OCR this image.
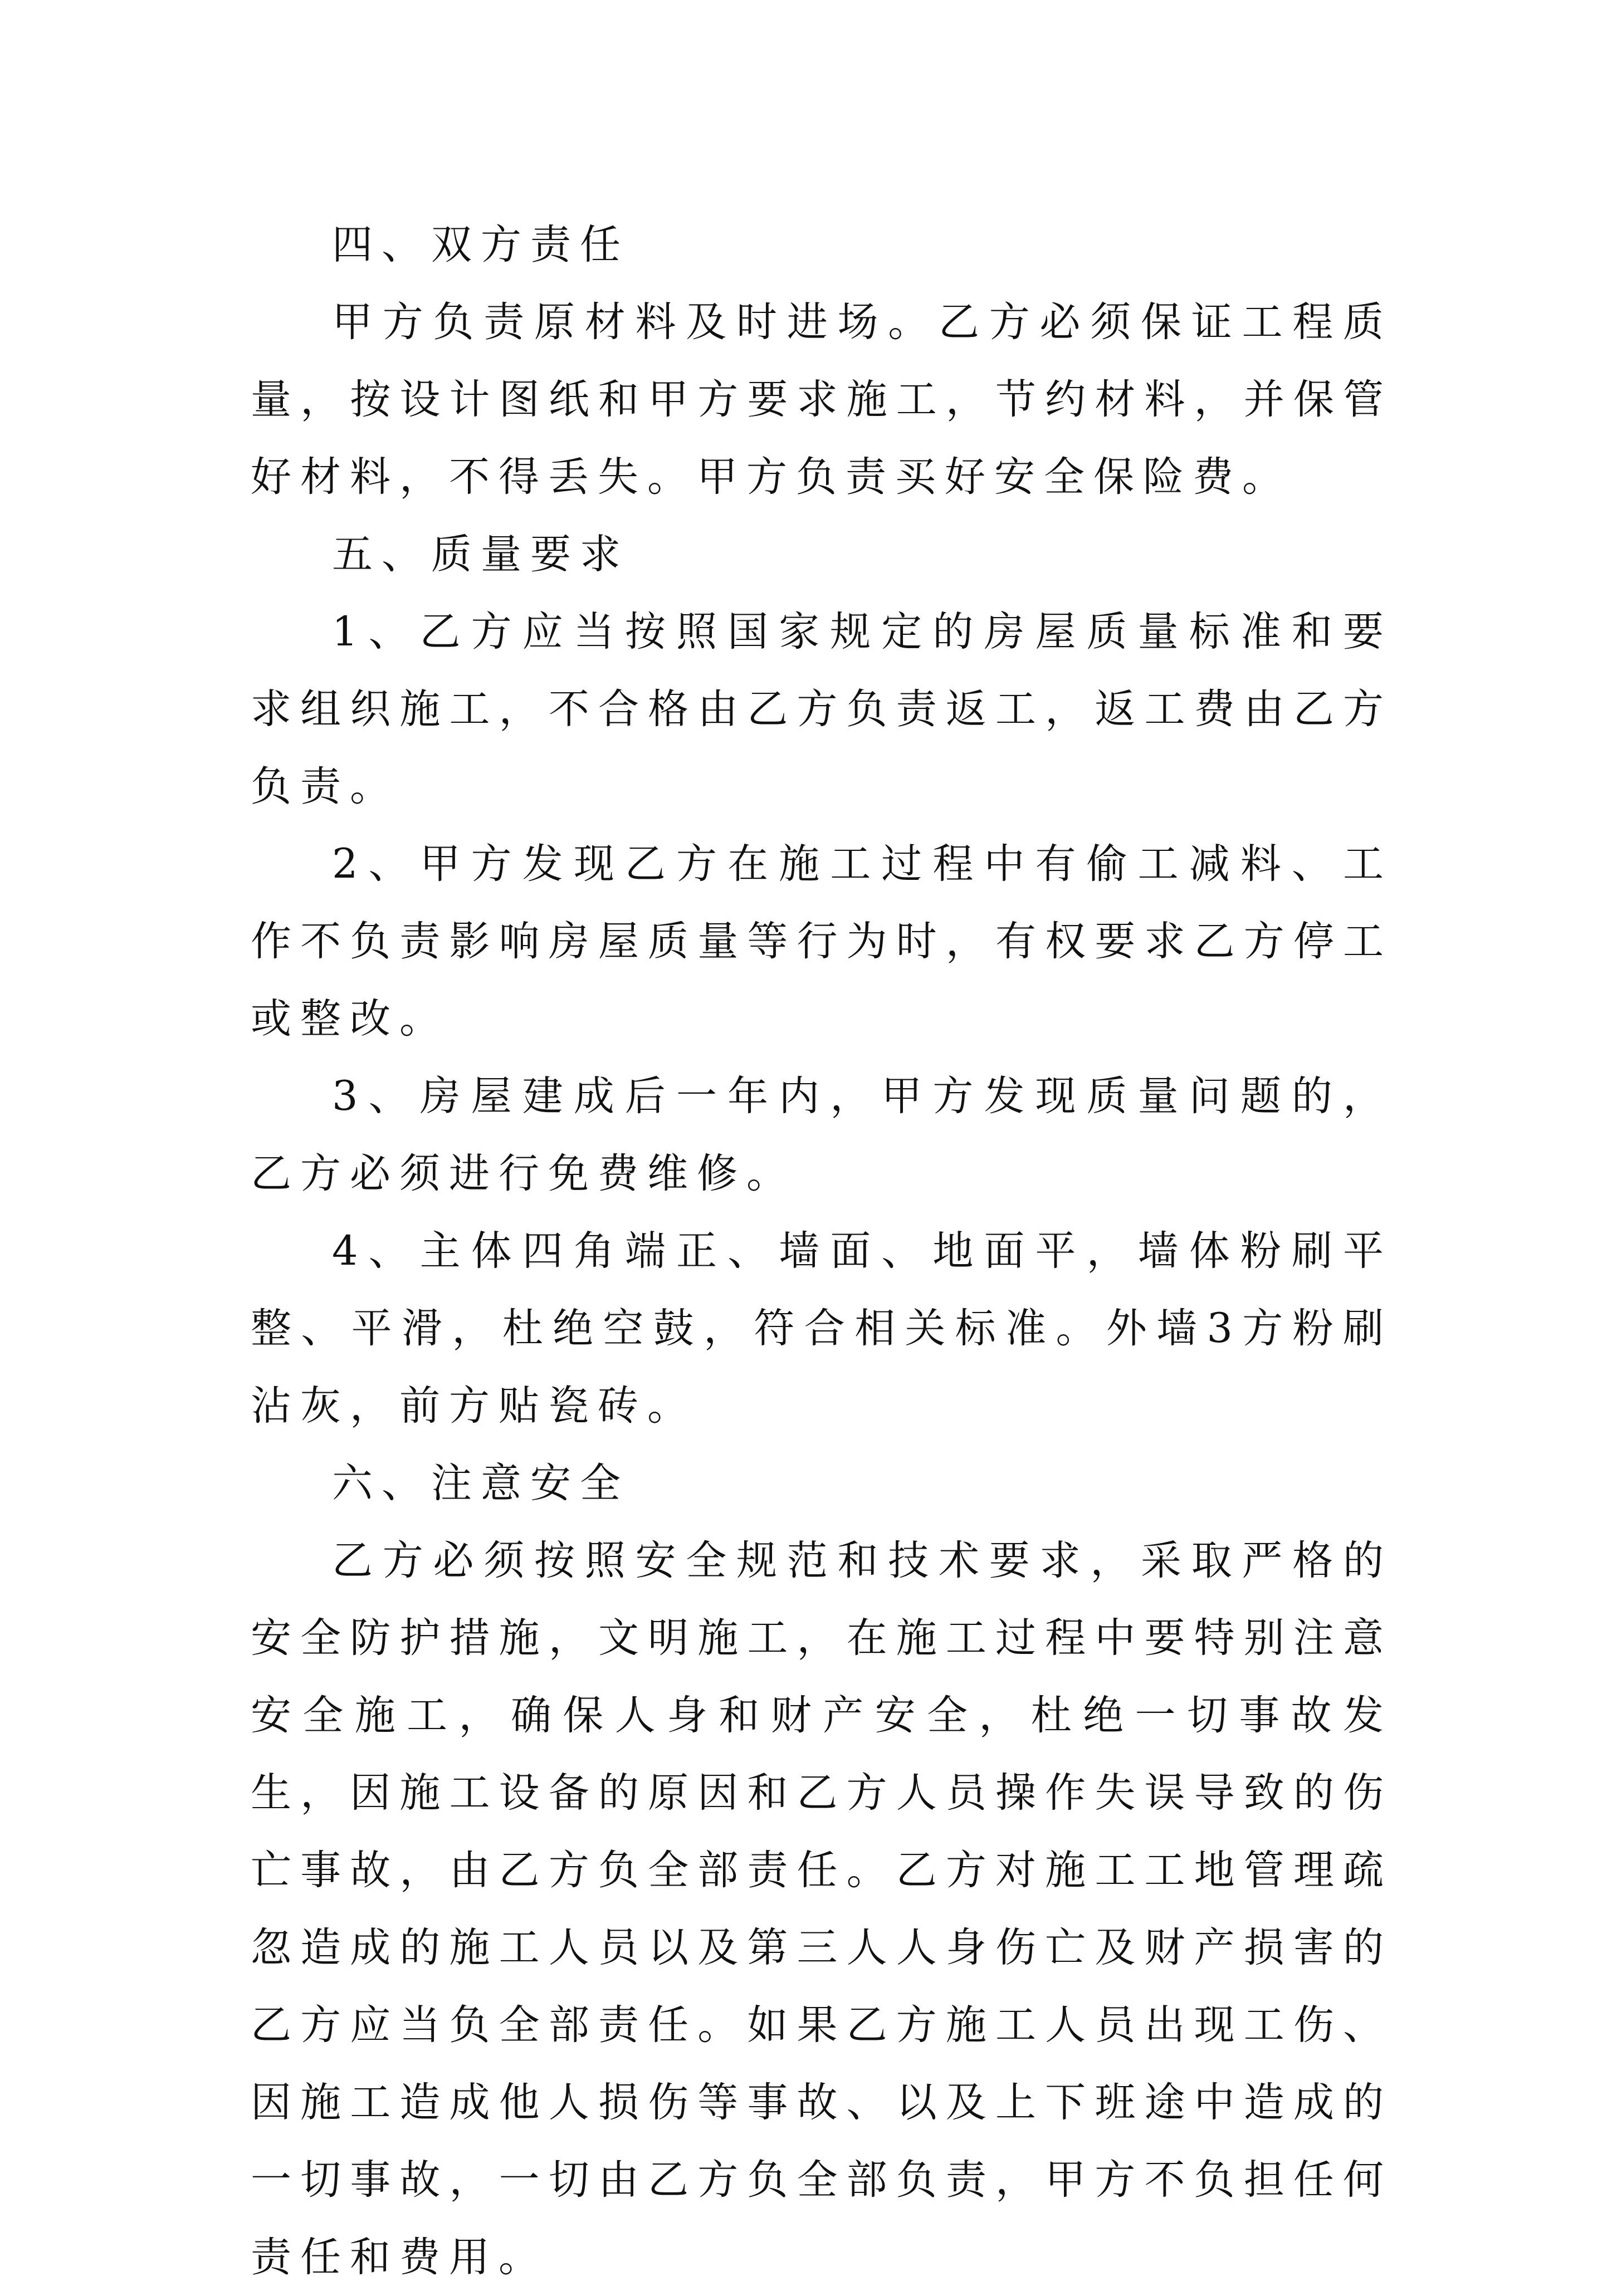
四、双方责任

甲方负责原材料及时进场。乙方必须保证工程质量，按设计图纸和甲方要求施工，节约材料，并保管好材料，不得丢失。甲方负责买好安全保险费。

五、质量要求

1、乙方应当按照国家规定的房屋质量标准和要求组织施工，不合格由乙方负责返工，返工费由乙方负责。

2、甲方发现乙方在施工过程中有偷工减料、工作不负责影响房屋质量等行为时，有权要求乙方停工或整改。

3、房屋建成后一年内，甲方发现质量问题的，乙方必须进行免费维修。

4、主体四角端正、墙面、地面平，墙体粉刷平整、平滑，杜绝空鼓，符合相关标准。外墙3方粉刷沾灰，前方贴瓷砖。

六、注意安全

乙方必须按照安全规范和技术要求，采取严格的安全防护措施，文明施工，在施工过程中要特别注意安全施工，确保人身和财产安全，杜绝一切事故发生，因施工设备的原因和乙方人员操作失误导致的伤亡事故，由乙方负全部责任。乙方对施工工地管理疏忽造成的施工人员以及第三人人身伤亡及财产损害的乙方应当负全部责任。如果乙方施工人员出现工伤、因施工造成他人损伤等事故、以及上下班途中造成的一切事故，一切由乙方负全部负责，甲方不负担任何责任和费用。
